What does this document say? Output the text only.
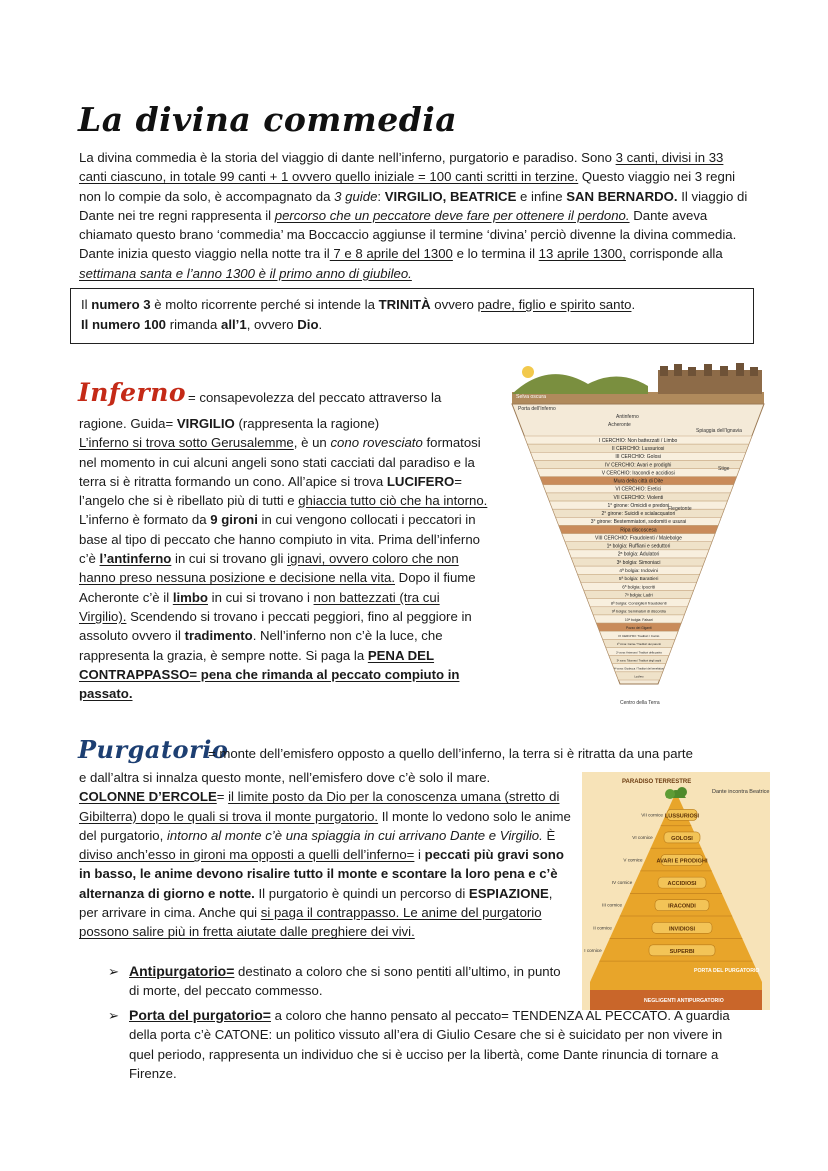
La divina commedia
La divina commedia è la storia del viaggio di dante nell’inferno, purgatorio e paradiso. Sono 3 canti, divisi in 33 canti ciascuno, in totale 99 canti + 1 ovvero quello iniziale = 100 canti scritti in terzine. Questo viaggio nei 3 regni non lo compie da solo, è accompagnato da 3 guide: VIRGILIO, BEATRICE e infine SAN BERNARDO. Il viaggio di Dante nei tre regni rappresenta il percorso che un peccatore deve fare per ottenere il perdono. Dante aveva chiamato questo brano ‘commedia’ ma Boccaccio aggiunse il termine ‘divina’ perciò divenne la divina commedia. Dante inizia questo viaggio nella notte tra il 7 e 8 aprile del 1300 e lo termina il 13 aprile 1300, corrisponde alla settimana santa e l’anno 1300 è il primo anno di giubileo.
Il numero 3 è molto ricorrente perché si intende la TRINITÀ ovvero padre, figlio e spirito santo.
Il numero 100 rimanda all’1, ovvero Dio.
Inferno = consapevolezza del peccato attraverso la
ragione. Guida= VIRGILIO (rappresenta la ragione)
L’inferno si trova sotto Gerusalemme, è un cono rovesciato formatosi nel momento in cui alcuni angeli sono stati cacciati dal paradiso e la terra si è ritratta formando un cono. All’apice si trova LUCIFERO= l’angelo che si è ribellato più di tutti e ghiaccia tutto ciò che ha intorno. L’inferno è formato da 9 gironi in cui vengono collocati i peccatori in base al tipo di peccato che hanno compiuto in vita. Prima dell’inferno c’è l’antinferno in cui si trovano gli ignavi, ovvero coloro che non hanno preso nessuna posizione e decisione nella vita. Dopo il fiume Acheronte c’è il limbo in cui si trovano i non battezzati (tra cui Virgilio). Scendendo si trovano i peccati peggiori, fino al peggiore in assoluto ovvero il tradimento. Nell’inferno non c’è la luce, che rappresenta la grazia, è sempre notte. Si paga la PENA DEL CONTRAPPASSO= pena che rimanda al peccato compiuto in passato.
I CERCHIO: Non battezzati / Limbo
II CERCHIO: Lussuriosi
III CERCHIO: Golosi
IV CERCHIO: Avari e prodighi
V CERCHIO: Iracondi e accidiosi
Mura della città di Dite
VI CERCHIO: Eretici
VII CERCHIO: Violenti
1° girone: Omicidi e predoni
2° girone: Suicidi e scialacquatori
3° girone: Bestemmiatori, sodomiti e usurai
Ripa discoscesa
VIII CERCHIO: Fraudolenti / Malebolge
1ª bolgia: Ruffiani e seduttori
2ª bolgia: Adulatori
3ª bolgia: Simoniaci
4ª bolgia: Indovini
5ª bolgia: Barattieri
6ª bolgia: Ipocriti
7ª bolgia: Ladri
8ª bolgia: Consiglieri fraudolenti
9ª bolgia: Seminatori di discordia
10ª bolgia: Falsari
Pozzo dei Giganti
IX CERCHIO: Traditori / Cocito
1ª zona: Caina / Traditori dei parenti
2ª zona: Antenora / Traditori della patria
3ª zona: Tolomea / Traditori degli ospiti
4ª zona: Giudecca / Traditori dei benefattori
Lucifero
Selva oscura
Porta dell’Inferno
Antinferno
Acheronte
Spiaggia dell’Ignavia
Stige
Flegetonte
Centro della Terra
Purgatorio
= monte dell’emisfero opposto a quello dell’inferno, la terra si è ritratta da una parte
e dall’altra si innalza questo monte, nell’emisfero dove c’è solo il mare.
COLONNE D’ERCOLE= il limite posto da Dio per la conoscenza umana (stretto di Gibilterra) dopo le quali si trova il monte purgatorio. Il monte lo vedono solo le anime del purgatorio, intorno al monte c’è una spiaggia in cui arrivano Dante e Virgilio. È diviso anch’esso in gironi ma opposti a quelli dell’inferno= i peccati più gravi sono in basso, le anime devono risalire tutto il monte e scontare la loro pena e c’è alternanza di giorno e notte. Il purgatorio è quindi un percorso di ESPIAZIONE, per arrivare in cima. Anche qui si paga il contrappasso. Le anime del purgatorio possono salire più in fretta aiutate dalle preghiere dei vivi.
LUSSURIOSI
VII cornice
GOLOSI
VI cornice
AVARI E PRODIGHI
V cornice
ACCIDIOSI
IV cornice
IRACONDI
III cornice
INVIDIOSI
II cornice
SUPERBI
I cornice
PARADISO TERRESTRE
Dante incontra Beatrice
PORTA DEL PURGATORIO
NEGLIGENTI ANTIPURGATORIO
➢ Antipurgatorio= destinato a coloro che si sono pentiti all’ultimo, in punto di morte, del peccato commesso.
➢ Porta del purgatorio= a coloro che hanno pensato al peccato= TENDENZA AL PECCATO. A guardia della porta c’è CATONE: un politico vissuto all’era di Giulio Cesare che si è suicidato per non vivere in quel periodo, rappresenta un individuo che si è ucciso per la libertà, come Dante rinuncia di tornare a Firenze.
